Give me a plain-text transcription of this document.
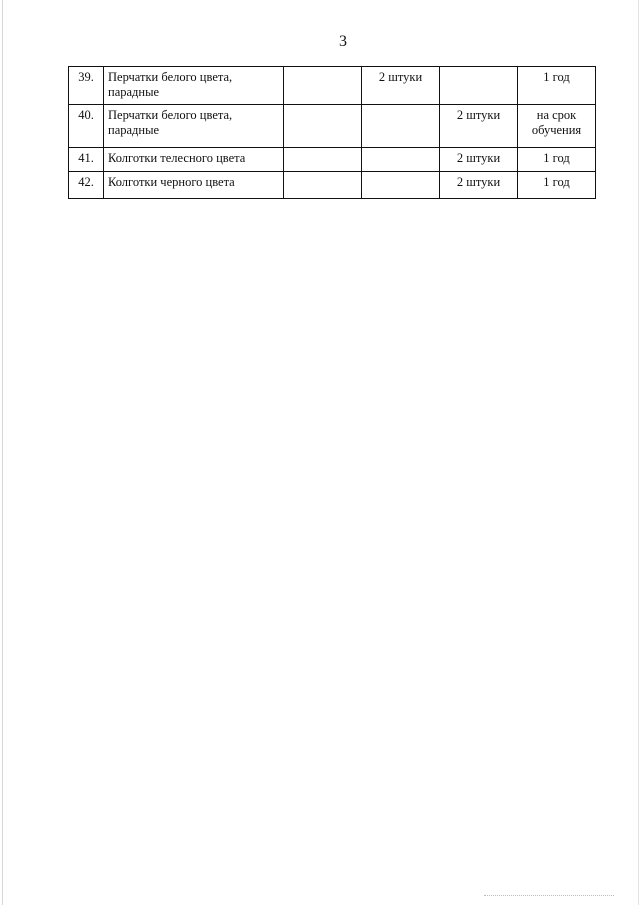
3
39.	Перчатки белого цвета, парадные		2 штуки		1 год
40.	Перчатки белого цвета, парадные			2 штуки	на срок обучения
41.	Колготки телесного цвета			2 штуки	1 год
42.	Колготки черного цвета			2 штуки	1 год
